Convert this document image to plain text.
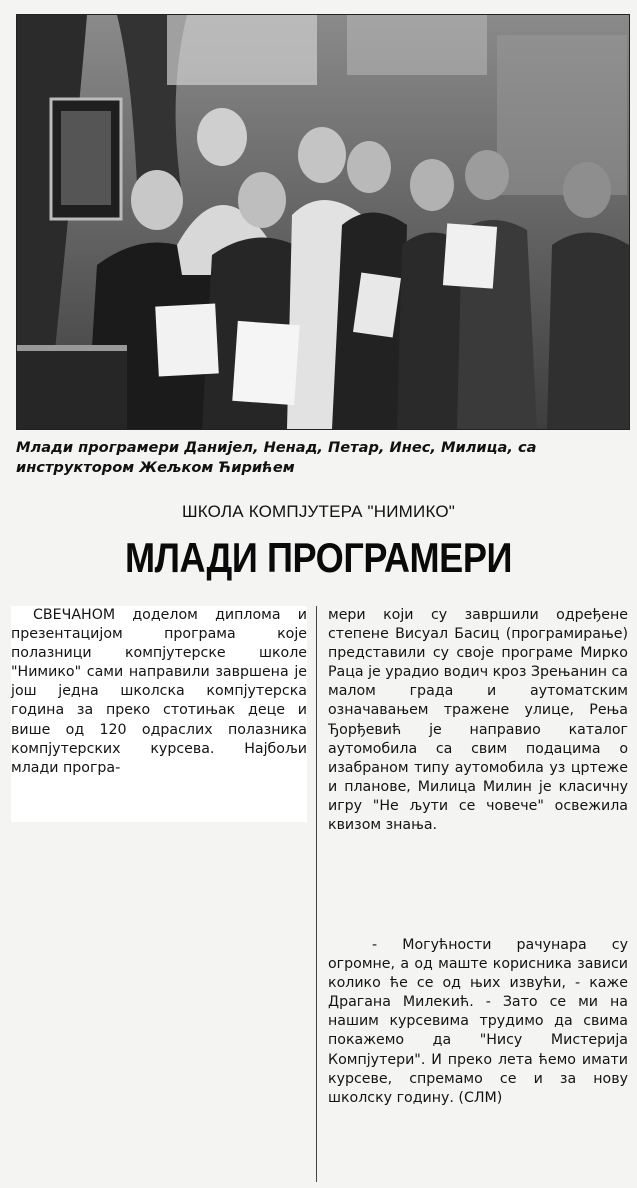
Млади програмери Данијел, Ненад, Петар, Инес, Милица, са инструктором Жељком Ћирићем
ШКОЛА КОМПЈУТЕРА "НИМИКО"
МЛАДИ ПРОГРАМЕРИ

СВЕЧАНОМ доделом диплома и презентацијом програма које полазници компјутерске школе "Нимико" сами направили завршена је још једна школска компјутерска година за преко стотињак деце и више од 120 одраслих полазника компјутерских курсева. Најбољи млади програ-

мери који су завршили одређене степене Висуал Басиц (програмирање) представили су своје програме Мирко Раца је урадио водич кроз Зрењанин са малом града и аутоматским означавањем тражене улице, Рења Ђорђевић је направио каталог аутомобила са свим подацима о изабраном типу аутомобила уз цртеже и планове, Милица Милин је класичну игру "Не љути се човече" освежила квизом знања.

- Могућности рачунара су огромне, а од маште корисника зависи колико ће се од њих извући, - каже Драгана Милекић. - Зато се ми на нашим курсевима трудимо да свима покажемо да "Нису Мистерија Компјутери". И преко лета ћемо имати курсеве, спремамо се и за нову школску годину. (СЛМ)
